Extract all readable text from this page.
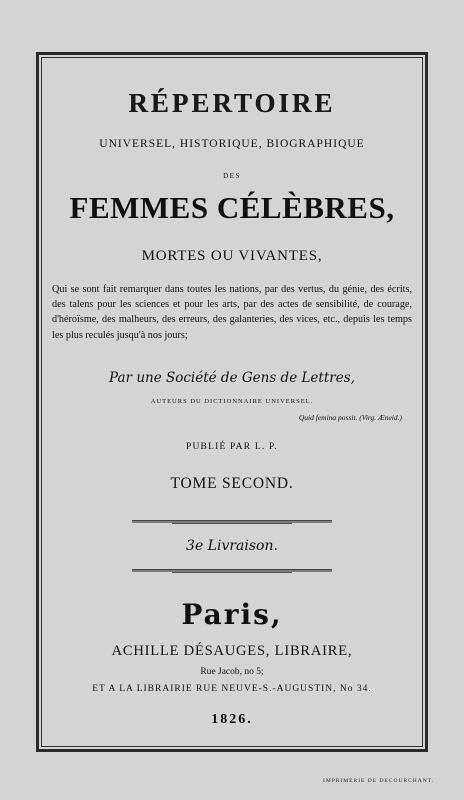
RÉPERTOIRE
UNIVERSEL, HISTORIQUE, BIOGRAPHIQUE
DES
FEMMES CÉLÈBRES,
MORTES OU VIVANTES,
Qui se sont fait remarquer dans toutes les nations, par des vertus, du génie, des écrits, des talens pour les sciences et pour les arts, par des actes de sensibilité, de courage, d'héroïsme, des malheurs, des erreurs, des galanteries, des vices, etc., depuis les temps les plus reculés jusqu'à nos jours;
Par une Société de Gens de Lettres,
AUTEURS DU DICTIONNAIRE UNIVERSEL.
Quid femina possit. (Virg. Æneid.)
PUBLIÉ PAR L. P.
TOME SECOND.
3e Livraison.
Paris,
ACHILLE DÉSAUGES, LIBRAIRE,
Rue Jacob, no 5;
ET A LA LIBRAIRIE RUE NEUVE-S.-AUGUSTIN, No 34.
1826.
IMPRIMERIE DE DECOURCHANT.
